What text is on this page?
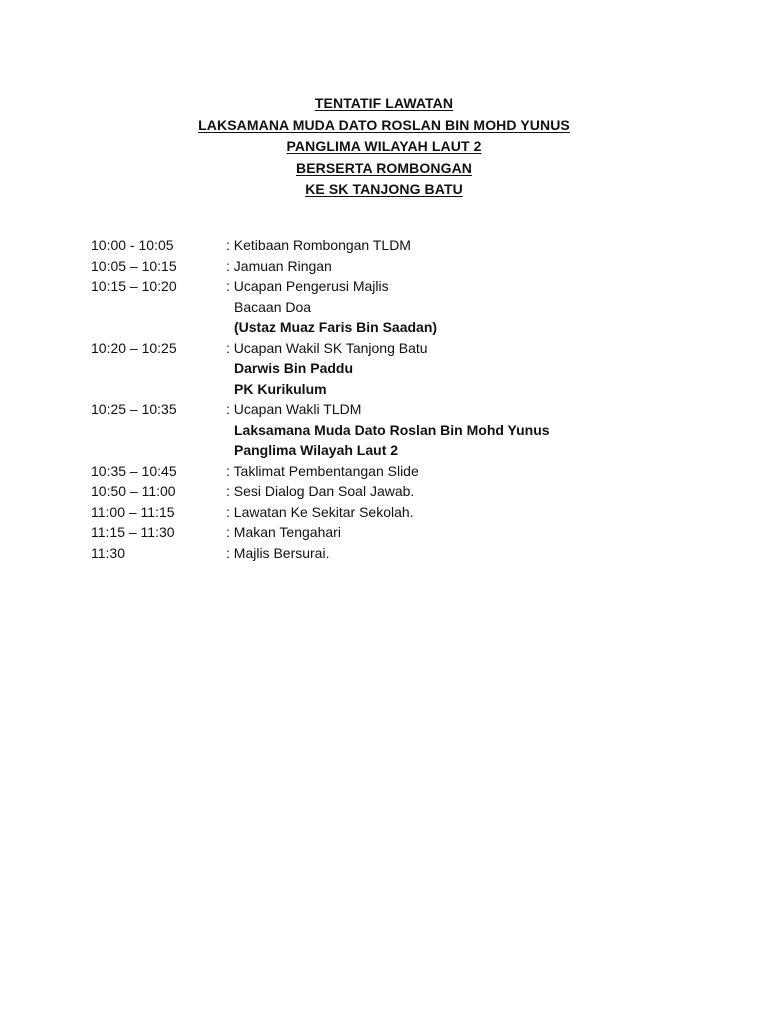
TENTATIF LAWATAN
LAKSAMANA MUDA DATO ROSLAN BIN MOHD YUNUS
PANGLIMA WILAYAH LAUT 2
BERSERTA ROMBONGAN
KE SK TANJONG BATU
10:00 - 10:05	: Ketibaan Rombongan TLDM
10:05 – 10:15	: Jamuan Ringan
10:15 – 10:20	: Ucapan Pengerusi Majlis
Bacaan Doa
(Ustaz Muaz Faris Bin Saadan)
10:20 – 10:25	: Ucapan Wakil SK Tanjong Batu
Darwis Bin Paddu
PK Kurikulum
10:25 – 10:35	: Ucapan Wakli TLDM
Laksamana Muda Dato Roslan Bin Mohd Yunus
Panglima Wilayah Laut 2
10:35 – 10:45	: Taklimat Pembentangan Slide
10:50 – 11:00	: Sesi Dialog Dan Soal Jawab.
11:00 – 11:15	: Lawatan Ke Sekitar Sekolah.
11:15 – 11:30	: Makan Tengahari
11:30	: Majlis Bersurai.
